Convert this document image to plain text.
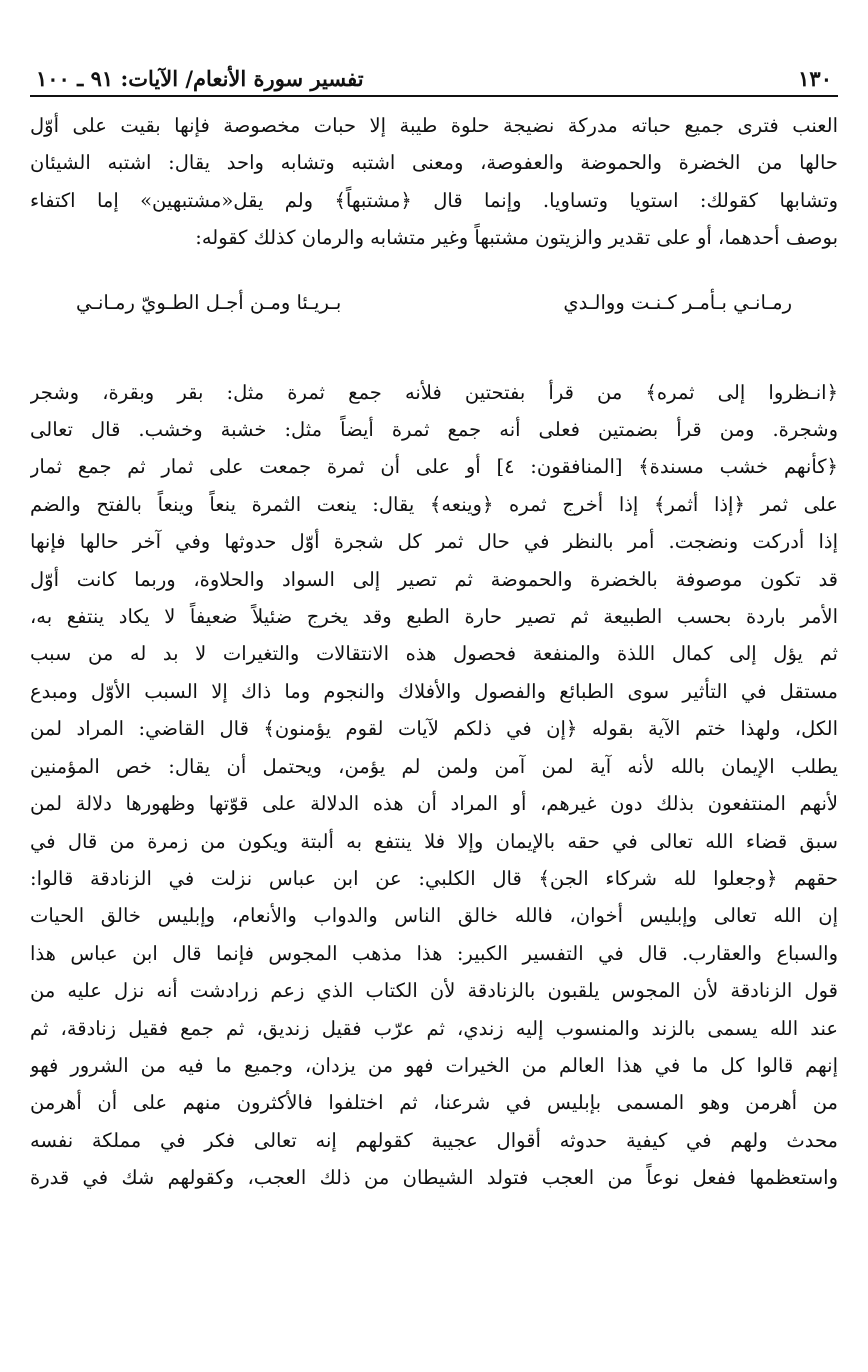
١٣٠
تفسير سورة الأنعام/ الآيات: ٩١ ـ ١٠٠
العنب فترى جميع حباته مدركة نضيجة حلوة طيبة إلا حبات مخصوصة فإنها بقيت على أوّل
حالها من الخضرة والحموضة والعفوصة، ومعنى اشتبه وتشابه واحد يقال: اشتبه الشيئان
وتشابها كقولك: استويا وتساويا. وإنما قال ﴿مشتبهاً﴾ ولم يقل«مشتبهين» إما اكتفاء
بوصف أحدهما، أو على تقدير والزيتون مشتبهاً وغير متشابه والرمان كذلك كقوله:
رمـانـي بـأمـر كـنـت ووالـدي
بـريـئا ومـن أجـل الطـويّ رمـانـي
﴿انـظروا إلى ثمره﴾ من قرأ بفتحتين فلأنه جمع ثمرة مثل: بقر وبقرة، وشجر
وشجرة. ومن قرأ بضمتين فعلى أنه جمع ثمرة أيضاً مثل: خشبة وخشب. قال تعالى
﴿كأنهم خشب مسندة﴾ [المنافقون: ٤] أو على أن ثمرة جمعت على ثمار ثم جمع ثمار
على ثمر ﴿إذا أثمر﴾ إذا أخرج ثمره ﴿وينعه﴾ يقال: ينعت الثمرة ينعاً وينعاً بالفتح والضم
إذا أدركت ونضجت. أمر بالنظر في حال ثمر كل شجرة أوّل حدوثها وفي آخر حالها فإنها
قد تكون موصوفة بالخضرة والحموضة ثم تصير إلى السواد والحلاوة، وربما كانت أوّل
الأمر باردة بحسب الطبيعة ثم تصير حارة الطبع وقد يخرج ضئيلاً ضعيفاً لا يكاد ينتفع به،
ثم يؤل إلى كمال اللذة والمنفعة فحصول هذه الانتقالات والتغيرات لا بد له من سبب
مستقل في التأثير سوى الطبائع والفصول والأفلاك والنجوم وما ذاك إلا السبب الأوّل ومبدع
الكل، ولهذا ختم الآية بقوله ﴿إن في ذلكم لآيات لقوم يؤمنون﴾ قال القاضي: المراد لمن
يطلب الإيمان بالله لأنه آية لمن آمن ولمن لم يؤمن، ويحتمل أن يقال: خص المؤمنين
لأنهم المنتفعون بذلك دون غيرهم، أو المراد أن هذه الدلالة على قوّتها وظهورها دلالة لمن
سبق قضاء الله تعالى في حقه بالإيمان وإلا فلا ينتفع به ألبتة ويكون من زمرة من قال في
حقهم ﴿وجعلوا لله شركاء الجن﴾ قال الكلبي: عن ابن عباس نزلت في الزنادقة قالوا:
إن الله تعالى وإبليس أخوان، فالله خالق الناس والدواب والأنعام، وإبليس خالق الحيات
والسباع والعقارب. قال في التفسير الكبير: هذا مذهب المجوس فإنما قال ابن عباس هذا
قول الزنادقة لأن المجوس يلقبون بالزنادقة لأن الكتاب الذي زعم زرادشت أنه نزل عليه من
عند الله يسمى بالزند والمنسوب إليه زندي، ثم عرّب فقيل زنديق، ثم جمع فقيل زنادقة، ثم
إنهم قالوا كل ما في هذا العالم من الخيرات فهو من يزدان، وجميع ما فيه من الشرور فهو
من أهرمن وهو المسمى بإبليس في شرعنا، ثم اختلفوا فالأكثرون منهم على أن أهرمن
محدث ولهم في كيفية حدوثه أقوال عجيبة كقولهم إنه تعالى فكر في مملكة نفسه
واستعظمها ففعل نوعاً من العجب فتولد الشيطان من ذلك العجب، وكقولهم شك في قدرة
